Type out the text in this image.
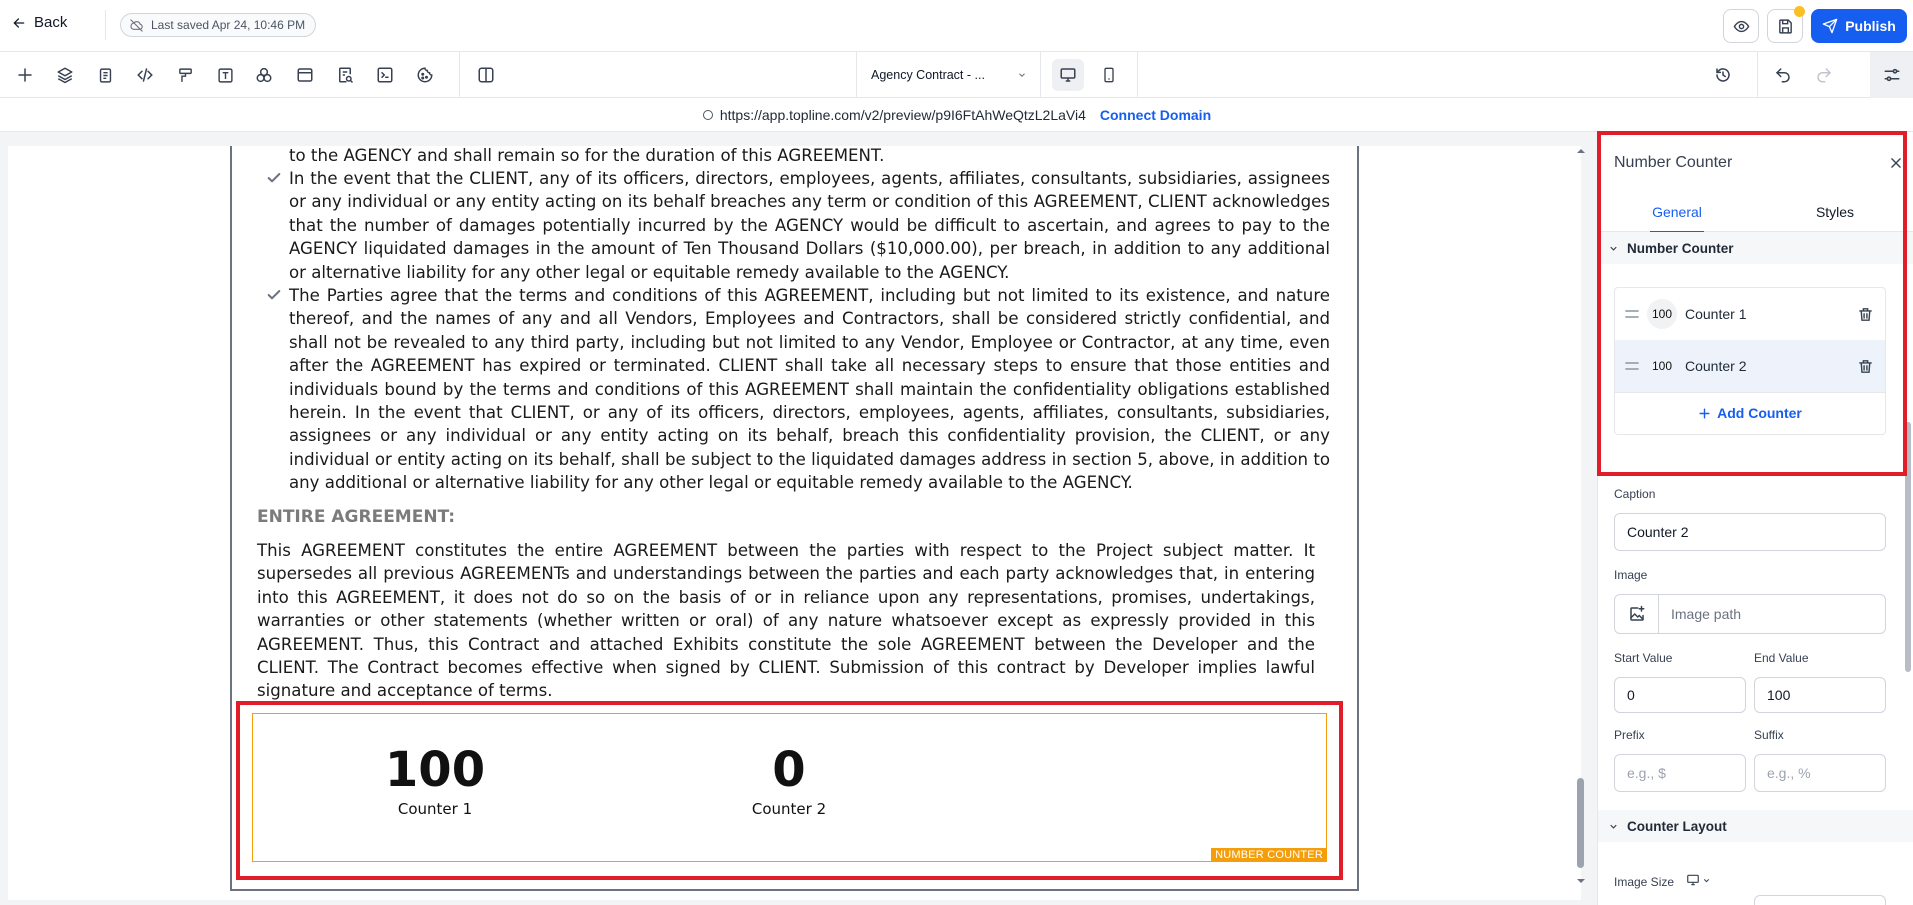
Back	Last saved Apr 24, 10:46 PM	Publish
Agency Contract - ...
https://app.topline.com/v2/preview/p9I6FtAhWeQtzL2LaVi4 Connect Domain
to the AGENCY and shall remain so for the duration of this AGREEMENT.
In the event that the CLIENT, any of its officers, directors, employees, agents, affiliates, consultants, subsidiaries, assignees or any individual or any entity acting on its behalf breaches any term or condition of this AGREEMENT, CLIENT acknowledges that the number of damages potentially incurred by the AGENCY would be difficult to ascertain, and agrees to pay to the AGENCY liquidated damages in the amount of Ten Thousand Dollars ($10,000.00), per breach, in addition to any additional or alternative liability for any other legal or equitable remedy available to the AGENCY.
The Parties agree that the terms and conditions of this AGREEMENT, including but not limited to its existence, and nature thereof, and the names of any and all Vendors, Employees and Contractors, shall be considered strictly confidential, and shall not be revealed to any third party, including but not limited to any Vendor, Employee or Contractor, at any time, even after the AGREEMENT has expired or terminated. CLIENT shall take all necessary steps to ensure that those entities and individuals bound by the terms and conditions of this AGREEMENT shall maintain the confidentiality obligations established herein. In the event that CLIENT, or any of its officers, directors, employees, agents, affiliates, consultants, subsidiaries, assignees or any individual or any entity acting on its behalf, breach this confidentiality provision, the CLIENT, or any individual or entity acting on its behalf, shall be subject to the liquidated damages address in section 5, above, in addition to any additional or alternative liability for any other legal or equitable remedy available to the AGENCY.
ENTIRE AGREEMENT:
This AGREEMENT constitutes the entire AGREEMENT between the parties with respect to the Project subject matter. It supersedes all previous AGREEMENTs and understandings between the parties and each party acknowledges that, in entering into this AGREEMENT, it does not do so on the basis of or in reliance upon any representations, promises, undertakings, warranties or other statements (whether written or oral) of any nature whatsoever except as expressly provided in this AGREEMENT. Thus, this Contract and attached Exhibits constitute the sole AGREEMENT between the Developer and the CLIENT. The Contract becomes effective when signed by CLIENT. Submission of this contract by Developer implies lawful signature and acceptance of terms.
100
Counter 1
0
Counter 2
NUMBER COUNTER
Number Counter
General	Styles
Number Counter
100 Counter 1
100 Counter 2
Add Counter
Caption
Counter 2
Image
Image path
Start Value	End Value
0	100
Prefix	Suffix
e.g., $	e.g., %
Counter Layout
Image Size
